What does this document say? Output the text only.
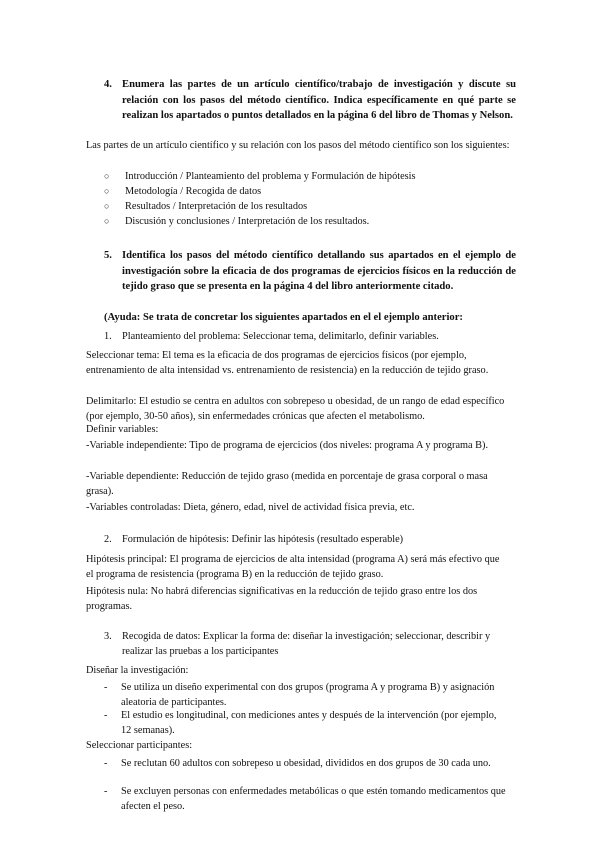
4. Enumera las partes de un artículo científico/trabajo de investigación y discute su relación con los pasos del método científico. Indica específicamente en qué parte se realizan los apartados o puntos detallados en la página 6 del libro de Thomas y Nelson.
Las partes de un artículo científico y su relación con los pasos del método científico son los siguientes:
○ Introducción / Planteamiento del problema y Formulación de hipótesis
○ Metodología / Recogida de datos
○ Resultados / Interpretación de los resultados
○ Discusión y conclusiones / Interpretación de los resultados.
5. Identifica los pasos del método científico detallando sus apartados en el ejemplo de investigación sobre la eficacia de dos programas de ejercicios físicos en la reducción de tejido graso que se presenta en la página 4 del libro anteriormente citado.
(Ayuda: Se trata de concretar los siguientes apartados en el el ejemplo anterior:
1. Planteamiento del problema: Seleccionar tema, delimitarlo, definir variables.
Seleccionar tema: El tema es la eficacia de dos programas de ejercicios físicos (por ejemplo, entrenamiento de alta intensidad vs. entrenamiento de resistencia) en la reducción de tejido graso.
Delimitarlo: El estudio se centra en adultos con sobrepeso u obesidad, de un rango de edad específico (por ejemplo, 30-50 años), sin enfermedades crónicas que afecten el metabolismo.
Definir variables:
-Variable independiente: Tipo de programa de ejercicios (dos niveles: programa A y programa B).
-Variable dependiente: Reducción de tejido graso (medida en porcentaje de grasa corporal o masa grasa).
-Variables controladas: Dieta, género, edad, nivel de actividad física previa, etc.
2. Formulación de hipótesis: Definir las hipótesis (resultado esperable)
Hipótesis principal: El programa de ejercicios de alta intensidad (programa A) será más efectivo que el programa de resistencia (programa B) en la reducción de tejido graso.
Hipótesis nula: No habrá diferencias significativas en la reducción de tejido graso entre los dos programas.
3. Recogida de datos: Explicar la forma de: diseñar la investigación; seleccionar, describir y realizar las pruebas a los participantes
Diseñar la investigación:
- Se utiliza un diseño experimental con dos grupos (programa A y programa B) y asignación aleatoria de participantes.
- El estudio es longitudinal, con mediciones antes y después de la intervención (por ejemplo, 12 semanas).
Seleccionar participantes:
- Se reclutan 60 adultos con sobrepeso u obesidad, divididos en dos grupos de 30 cada uno.
- Se excluyen personas con enfermedades metabólicas o que estén tomando medicamentos que afecten el peso.
